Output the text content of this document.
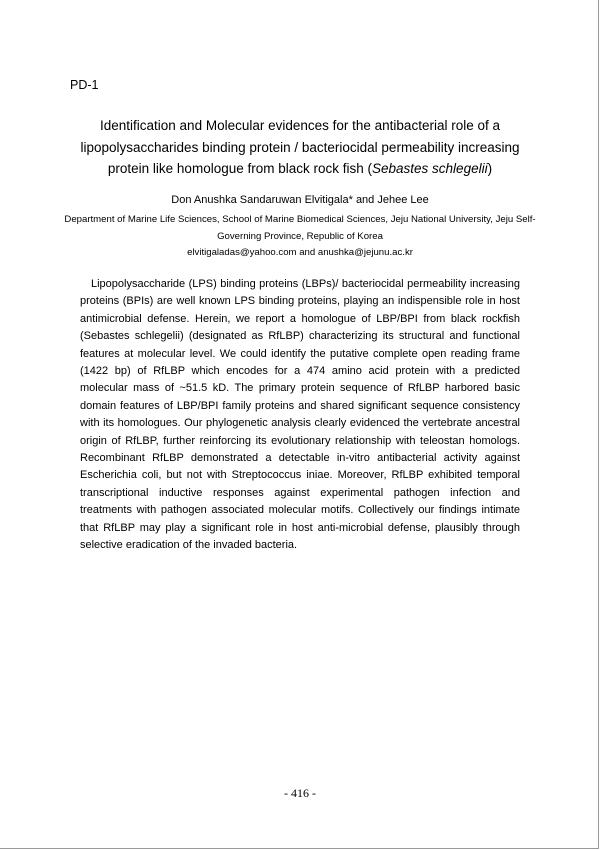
PD-1
Identification and Molecular evidences for the antibacterial role of a lipopolysaccharides binding protein / bacteriocidal permeability increasing protein like homologue from black rock fish (Sebastes schlegelii)
Don Anushka Sandaruwan Elvitigala* and Jehee Lee
Department of Marine Life Sciences, School of Marine Biomedical Sciences, Jeju National University, Jeju Self-Governing Province, Republic of Korea
elvitigaladas@yahoo.com and anushka@jejunu.ac.kr

Lipopolysaccharide (LPS) binding proteins (LBPs)/ bacteriocidal permeability increasing proteins (BPIs) are well known LPS binding proteins, playing an indispensible role in host antimicrobial defense. Herein, we report a homologue of LBP/BPI from black rockfish (Sebastes schlegelii) (designated as RfLBP) characterizing its structural and functional features at molecular level. We could identify the putative complete open reading frame (1422 bp) of RfLBP which encodes for a 474 amino acid protein with a predicted molecular mass of ~51.5 kD. The primary protein sequence of RfLBP harbored basic domain features of LBP/BPI family proteins and shared significant sequence consistency with its homologues. Our phylogenetic analysis clearly evidenced the vertebrate ancestral origin of RfLBP, further reinforcing its evolutionary relationship with teleostan homologs. Recombinant RfLBP demonstrated a detectable in-vitro antibacterial activity against Escherichia coli, but not with Streptococcus iniae. Moreover, RfLBP exhibited temporal transcriptional inductive responses against experimental pathogen infection and treatments with pathogen associated molecular motifs. Collectively our findings intimate that RfLBP may play a significant role in host anti-microbial defense, plausibly through selective eradication of the invaded bacteria.

- 416 -
